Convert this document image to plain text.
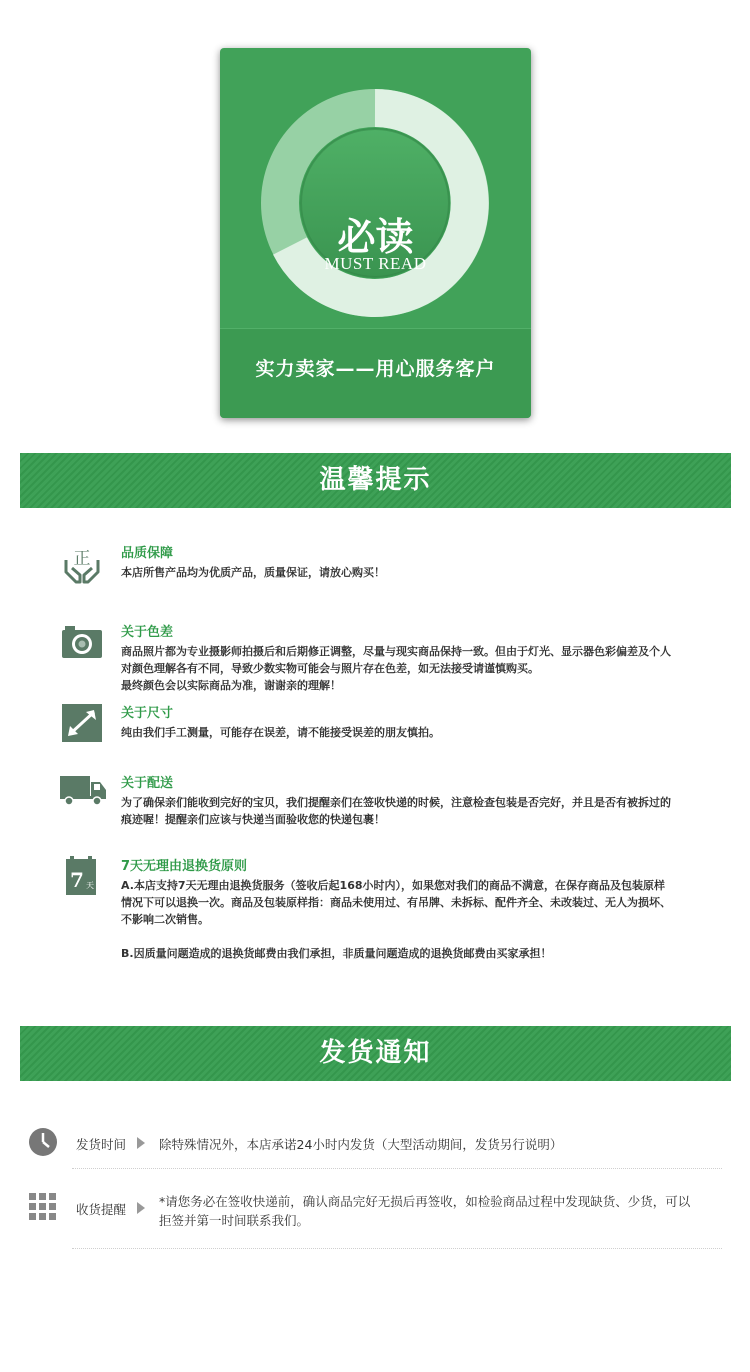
必读
MUST READ
实力卖家——用心服务客户
温馨提示
正 品质保障

本店所售产品均为优质产品，质量保证，请放心购买！

关于色差

商品照片都为专业摄影师拍摄后和后期修正调整，尽量与现实商品保持一致。但由于灯光、显示器色彩偏差及个人

对颜色理解各有不同，导致少数实物可能会与照片存在色差，如无法接受请谨慎购买。

最终颜色会以实际商品为准，谢谢亲的理解！

关于尺寸

纯由我们手工测量，可能存在误差，请不能接受误差的朋友慎拍。

关于配送

为了确保亲们能收到完好的宝贝，我们提醒亲们在签收快递的时候，注意检查包装是否完好，并且是否有被拆过的

痕迹喔！提醒亲们应该与快递当面验收您的快递包裹！

7 天
7天无理由退换货原则

A.本店支持7天无理由退换货服务（签收后起168小时内），如果您对我们的商品不满意，在保存商品及包装原样

情况下可以退换一次。商品及包装原样指：商品未使用过、有吊牌、未拆标、配件齐全、未改装过、无人为损坏、

不影响二次销售。

B.因质量问题造成的退换货邮费由我们承担，非质量问题造成的退换货邮费由买家承担！

发货通知
发货时间	除特殊情况外，本店承诺24小时内发货（大型活动期间，发货另行说明）
收货提醒
*请您务必在签收快递前，确认商品完好无损后再签收，如检验商品过程中发现缺货、少货，可以
拒签并第一时间联系我们。
